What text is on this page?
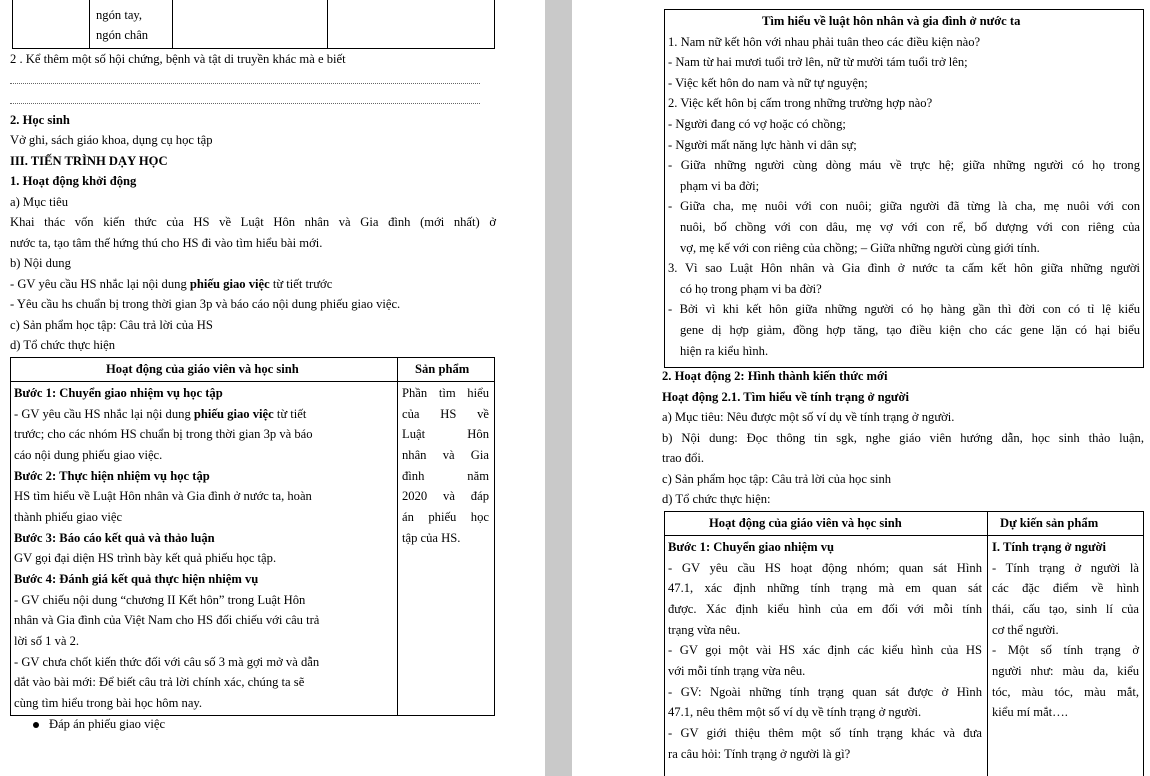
ngón tay,
ngón chân
2 . Kể thêm một số hội chứng, bệnh và tật di truyền khác mà e biết
2. Học sinh
Vở ghi, sách giáo khoa, dụng cụ học tập
III. TIẾN TRÌNH DẠY HỌC
1. Hoạt động khởi động
a) Mục tiêu
Khai thác vốn kiến thức của HS về Luật Hôn nhân và Gia đình (mới nhất) ở
nước ta, tạo tâm thế hứng thú cho HS đi vào tìm hiểu bài mới.
b) Nội dung
- GV yêu cầu HS nhắc lại nội dung phiếu giao việc từ tiết trước
- Yêu cầu hs chuẩn bị trong thời gian 3p và báo cáo nội dung phiếu giao việc.
c) Sản phẩm học tập: Câu trả lời của HS
d) Tổ chức thực hiện
Hoạt động của giáo viên và học sinh	Sản phẩm
Bước 1: Chuyển giao nhiệm vụ học tập
- GV yêu cầu HS nhắc lại nội dung phiếu giao việc từ tiết
trước; cho các nhóm HS chuẩn bị trong thời gian 3p và báo
cáo nội dung phiếu giao việc.
Bước 2: Thực hiện nhiệm vụ học tập
HS tìm hiểu về Luật Hôn nhân và Gia đình ở nước ta, hoàn
thành phiếu giao việc
Bước 3: Báo cáo kết quả và thảo luận
GV gọi đại diện HS trình bày kết quả phiếu học tập.
Bước 4: Đánh giá kết quả thực hiện nhiệm vụ
- GV chiếu nội dung “chương II Kết hôn” trong Luật Hôn
nhân và Gia đình của Việt Nam cho HS đối chiếu với câu trả
lời số 1 và 2.
- GV chưa chốt kiến thức đối với câu số 3 mà gợi mở và dẫn
dắt vào bài mới: Để biết câu trả lời chính xác, chúng ta sẽ
cùng tìm hiểu trong bài học hôm nay.
Phần tìm hiểu
của HS về
Luật Hôn
nhân và Gia
đình năm
2020 và đáp
án phiếu học
tập của HS.
Đáp án phiếu giao việc
Tìm hiểu về luật hôn nhân và gia đình ở nước ta
1. Nam nữ kết hôn với nhau phải tuân theo các điều kiện nào?
- Nam từ hai mươi tuổi trở lên, nữ từ mười tám tuổi trở lên;
- Việc kết hôn do nam và nữ tự nguyện;
2. Việc kết hôn bị cấm trong những trường hợp nào?
- Người đang có vợ hoặc có chồng;
- Người mất năng lực hành vi dân sự;
- Giữa những người cùng dòng máu về trực hệ; giữa những người có họ trong
phạm vi ba đời;
- Giữa cha, mẹ nuôi với con nuôi; giữa người đã từng là cha, mẹ nuôi với con
nuôi, bố chồng với con dâu, mẹ vợ với con rể, bố dượng với con riêng của
vợ, mẹ kế với con riêng của chồng; – Giữa những người cùng giới tính.
3. Vì sao Luật Hôn nhân và Gia đình ở nước ta cấm kết hôn giữa những người
có họ trong phạm vi ba đời?
- Bởi vì khi kết hôn giữa những người có họ hàng gần thì đời con có tỉ lệ kiểu
gene dị hợp giảm, đồng hợp tăng, tạo điều kiện cho các gene lặn có hại biểu
hiện ra kiểu hình.
2. Hoạt động 2: Hình thành kiến thức mới
Hoạt động 2.1. Tìm hiểu về tính trạng ở người
a) Mục tiêu: Nêu được một số ví dụ về tính trạng ở người.
b) Nội dung: Đọc thông tin sgk, nghe giáo viên hướng dẫn, học sinh thảo luận,
trao đổi.
c) Sản phẩm học tập: Câu trả lời của học sinh
d) Tổ chức thực hiện:
Hoạt động của giáo viên và học sinh	Dự kiến sản phẩm
Bước 1: Chuyển giao nhiệm vụ
- GV yêu cầu HS hoạt động nhóm; quan sát Hình
47.1, xác định những tính trạng mà em quan sát
được. Xác định kiểu hình của em đối với mỗi tính
trạng vừa nêu.
- GV gọi một vài HS xác định các kiểu hình của HS
với mỗi tính trạng vừa nêu.
- GV: Ngoài những tính trạng quan sát được ở Hình
47.1, nêu thêm một số ví dụ về tính trạng ở người.
- GV giới thiệu thêm một số tính trạng khác và đưa
ra câu hỏi: Tính trạng ở người là gì?
I. Tính trạng ở người
- Tính trạng ở người là
các đặc điểm về hình
thái, cấu tạo, sinh lí của
cơ thể người.
- Một số tính trạng ở
người như: màu da, kiểu
tóc, màu tóc, màu mắt,
kiểu mí mắt….
